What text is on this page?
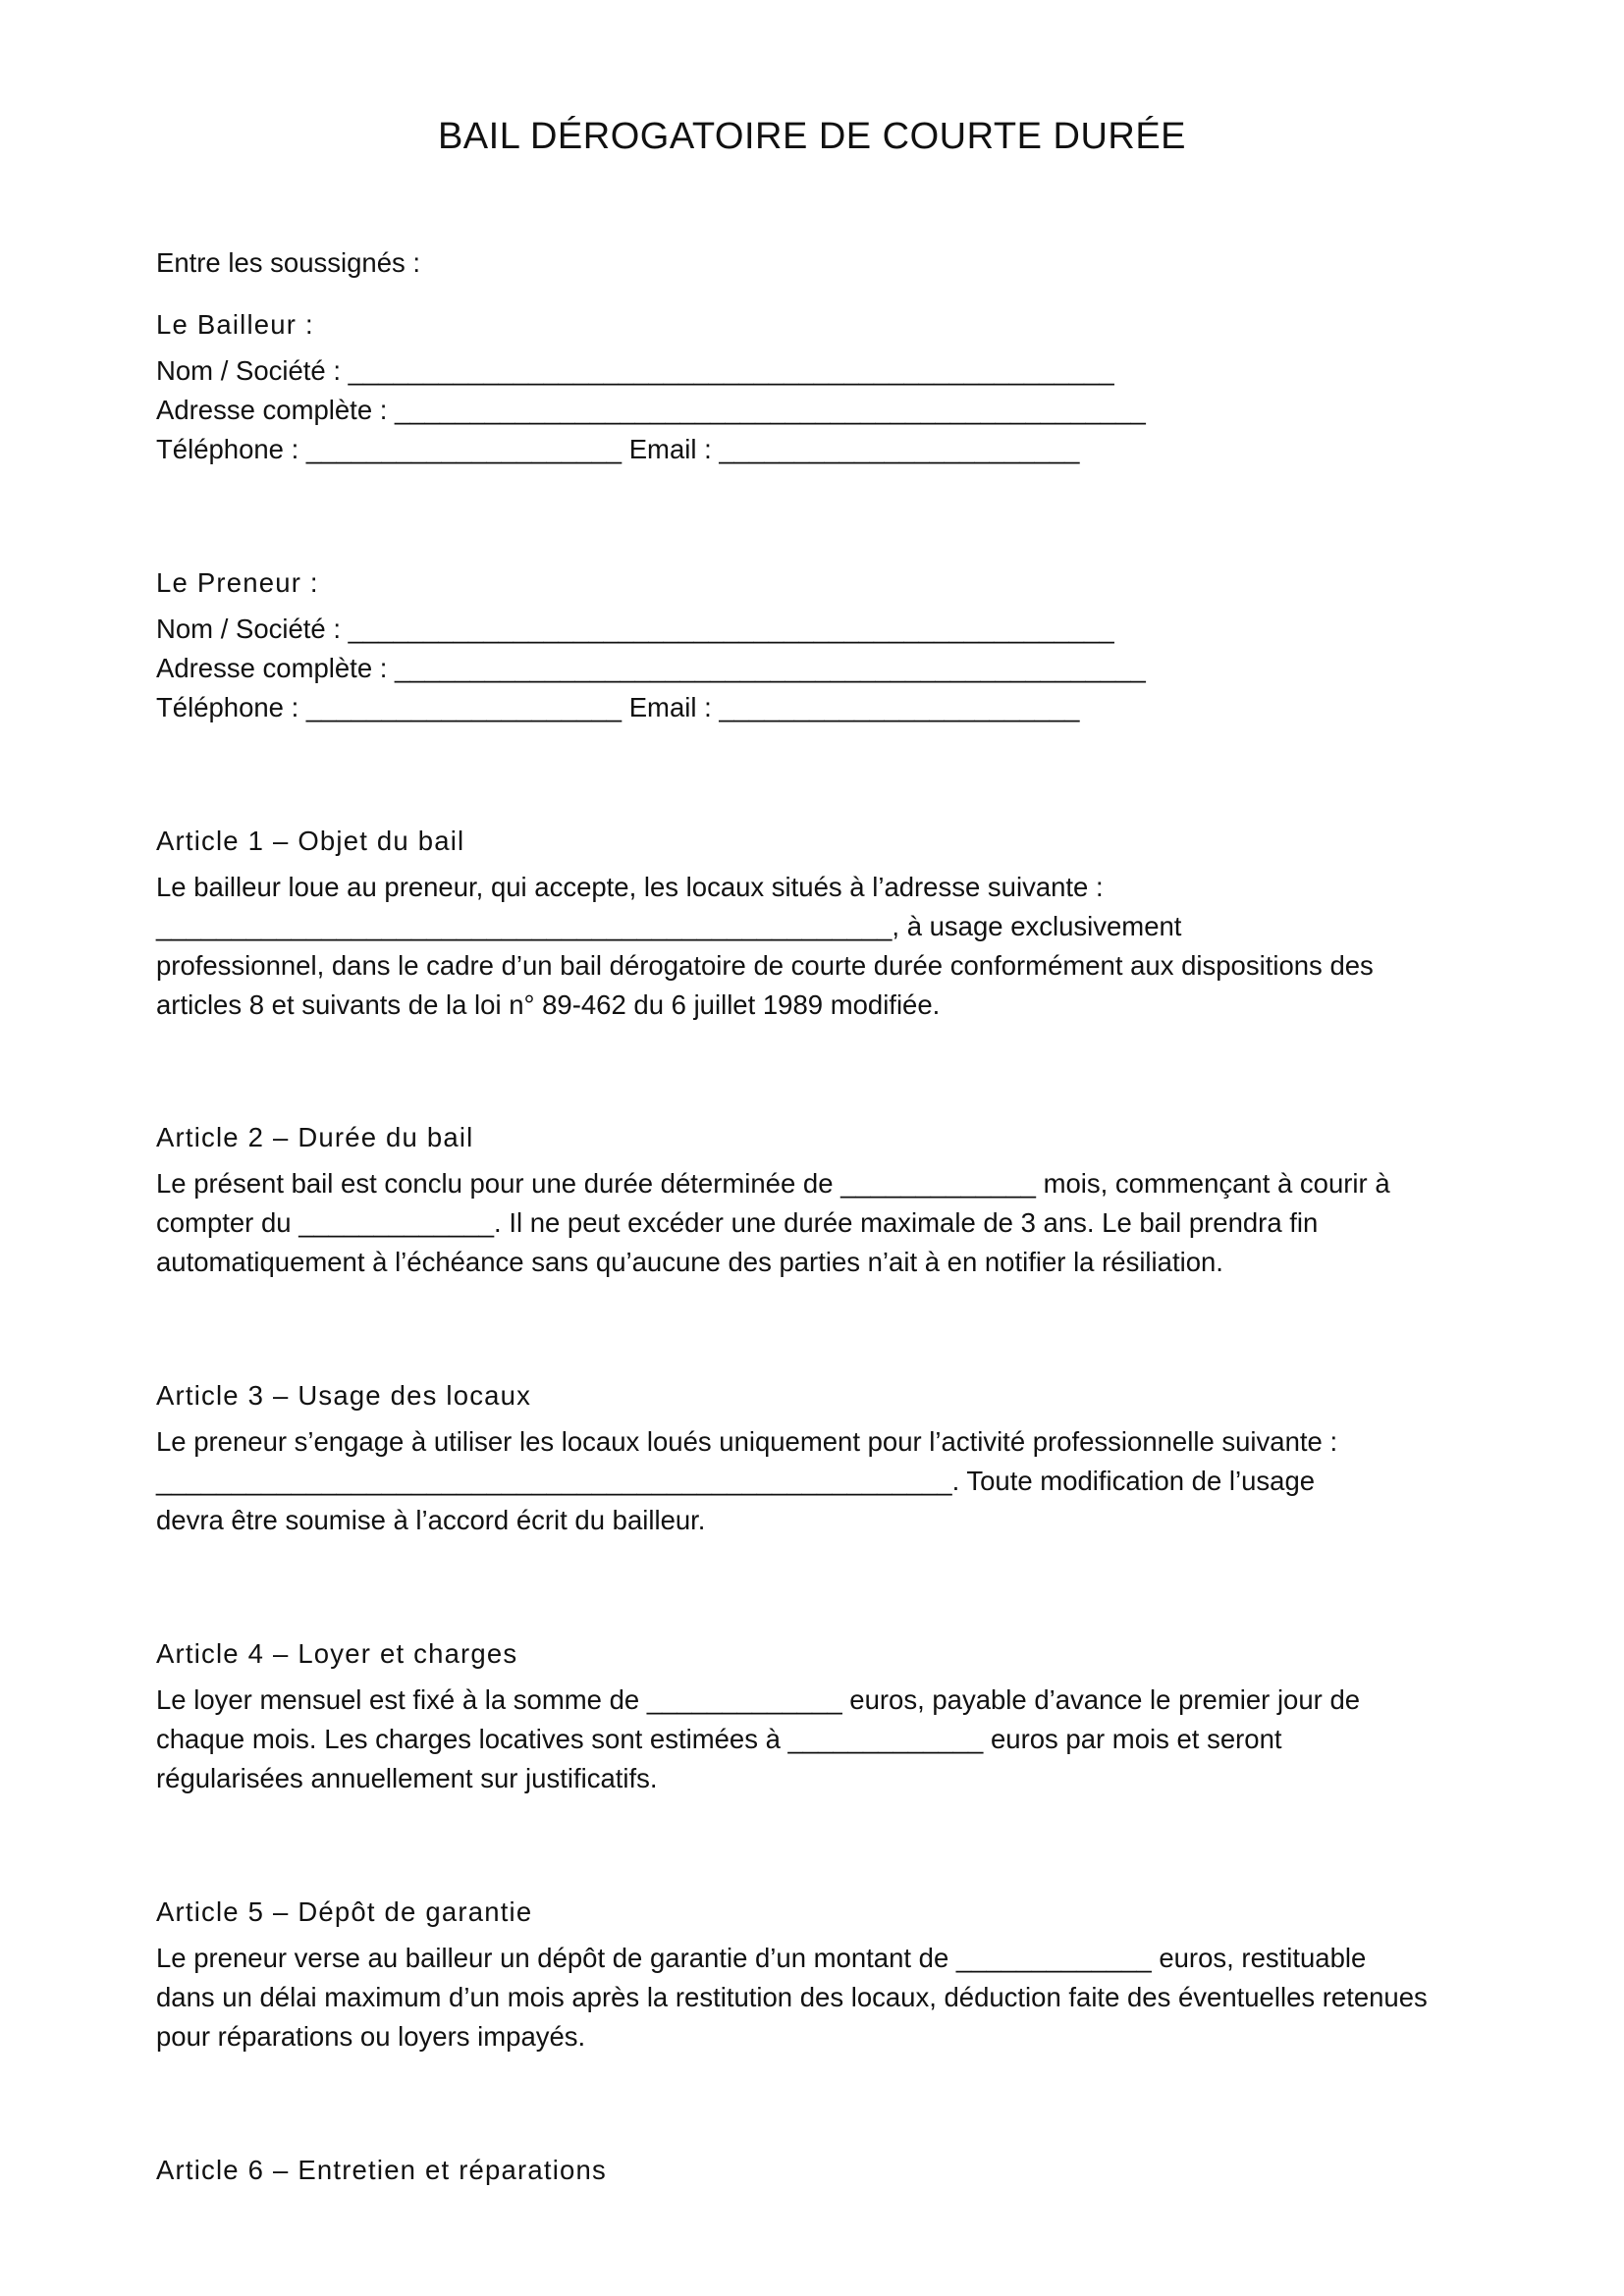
BAIL DÉROGATOIRE DE COURTE DURÉE
Entre les soussignés :
Le Bailleur :
Nom / Société : ___________________________________________________
Adresse complète : __________________________________________________
Téléphone : _____________________ Email : ________________________
Le Preneur :
Nom / Société : ___________________________________________________
Adresse complète : __________________________________________________
Téléphone : _____________________ Email : ________________________
Article 1 – Objet du bail
Le bailleur loue au preneur, qui accepte, les locaux situés à l’adresse suivante :
_________________________________________________, à usage exclusivement
professionnel, dans le cadre d’un bail dérogatoire de courte durée conformément aux dispositions des
articles 8 et suivants de la loi n° 89-462 du 6 juillet 1989 modifiée.
Article 2 – Durée du bail
Le présent bail est conclu pour une durée déterminée de _____________ mois, commençant à courir à
compter du _____________. Il ne peut excéder une durée maximale de 3 ans. Le bail prendra fin
automatiquement à l’échéance sans qu’aucune des parties n’ait à en notifier la résiliation.
Article 3 – Usage des locaux
Le preneur s’engage à utiliser les locaux loués uniquement pour l’activité professionnelle suivante :
_____________________________________________________. Toute modification de l’usage
devra être soumise à l’accord écrit du bailleur.
Article 4 – Loyer et charges
Le loyer mensuel est fixé à la somme de _____________ euros, payable d’avance le premier jour de
chaque mois. Les charges locatives sont estimées à _____________ euros par mois et seront
régularisées annuellement sur justificatifs.
Article 5 – Dépôt de garantie
Le preneur verse au bailleur un dépôt de garantie d’un montant de _____________ euros, restituable
dans un délai maximum d’un mois après la restitution des locaux, déduction faite des éventuelles retenues
pour réparations ou loyers impayés.
Article 6 – Entretien et réparations
